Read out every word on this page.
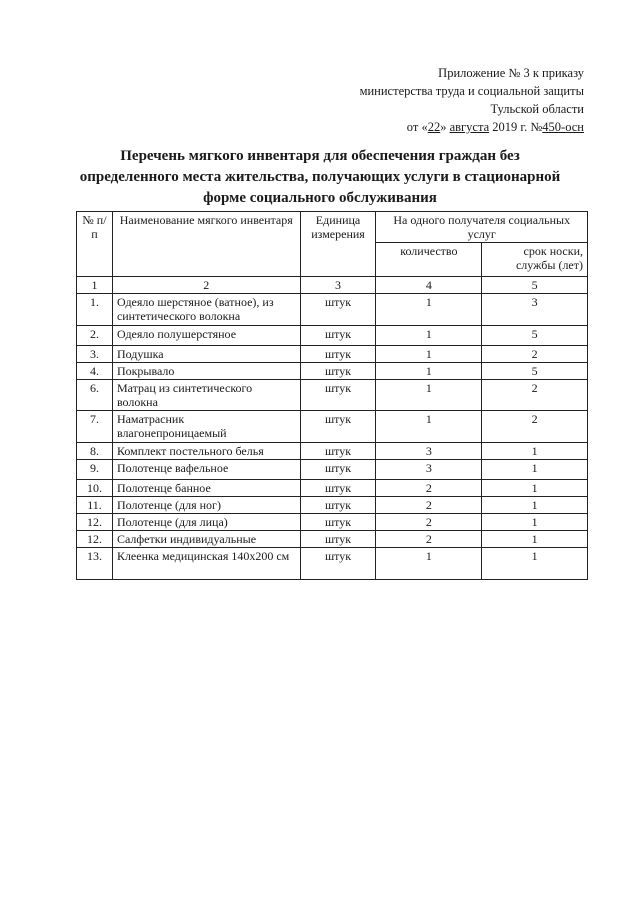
Приложение № 3 к приказу
министерства труда и социальной защиты
Тульской области
от «22» августа 2019 г. №450-осн
Перечень мягкого инвентаря для обеспечения граждан без определенного места жительства, получающих услуги в стационарной форме социального обслуживания
№ п/п	Наименование мягкого инвентаря	Единица измерения	На одного получателя социальных услуг	
			количество	срок носки, службы (лет)
1	2	3	4	5
1.	Одеяло шерстяное (ватное), из синтетического волокна	штук	1	3
2.	Одеяло полушерстяное	штук	1	5
3.	Подушка	штук	1	2
4.	Покрывало	штук	1	5
6.	Матрац из синтетического волокна	штук	1	2
7.	Наматрасник влагонепроницаемый	штук	1	2
8.	Комплект постельного белья	штук	3	1
9.	Полотенце вафельное	штук	3	1
10.	Полотенце банное	штук	2	1
11.	Полотенце (для ног)	штук	2	1
12.	Полотенце (для лица)	штук	2	1
12.	Салфетки индивидуальные	штук	2	1
13.	Клеенка медицинская 140х200 см	штук	1	1
